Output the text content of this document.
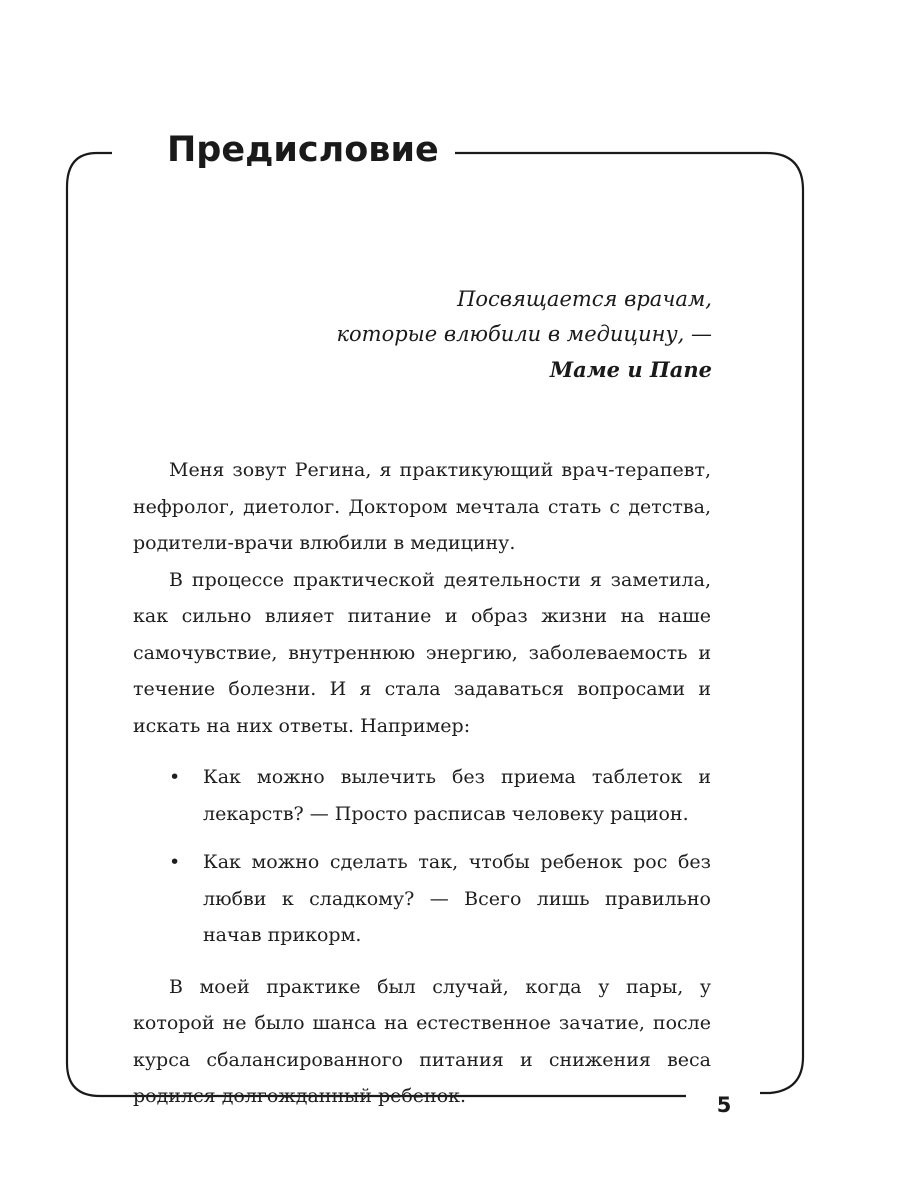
Предисловие
Посвящается врачам,
которые влюбили в медицину, —
Маме и Папе

Меня зовут Регина, я практикующий врач-терапевт, нефролог, диетолог. Доктором мечтала стать с детства, родители-врачи влюбили в медицину.

В процессе практической деятельности я заметила, как сильно влияет питание и образ жизни на наше самочувствие, внутреннюю энергию, заболеваемость и течение болезни. И я стала задаваться вопросами и искать на них ответы. Например:

• Как можно вылечить без приема таблеток и лекарств? — Просто расписав человеку рацион.
• Как можно сделать так, чтобы ребенок рос без любви к сладкому? — Всего лишь правильно начав прикорм.

В моей практике был случай, когда у пары, у которой не было шанса на естественное зачатие, после курса сбалансированного питания и снижения веса родился долгожданный ребенок.	5
